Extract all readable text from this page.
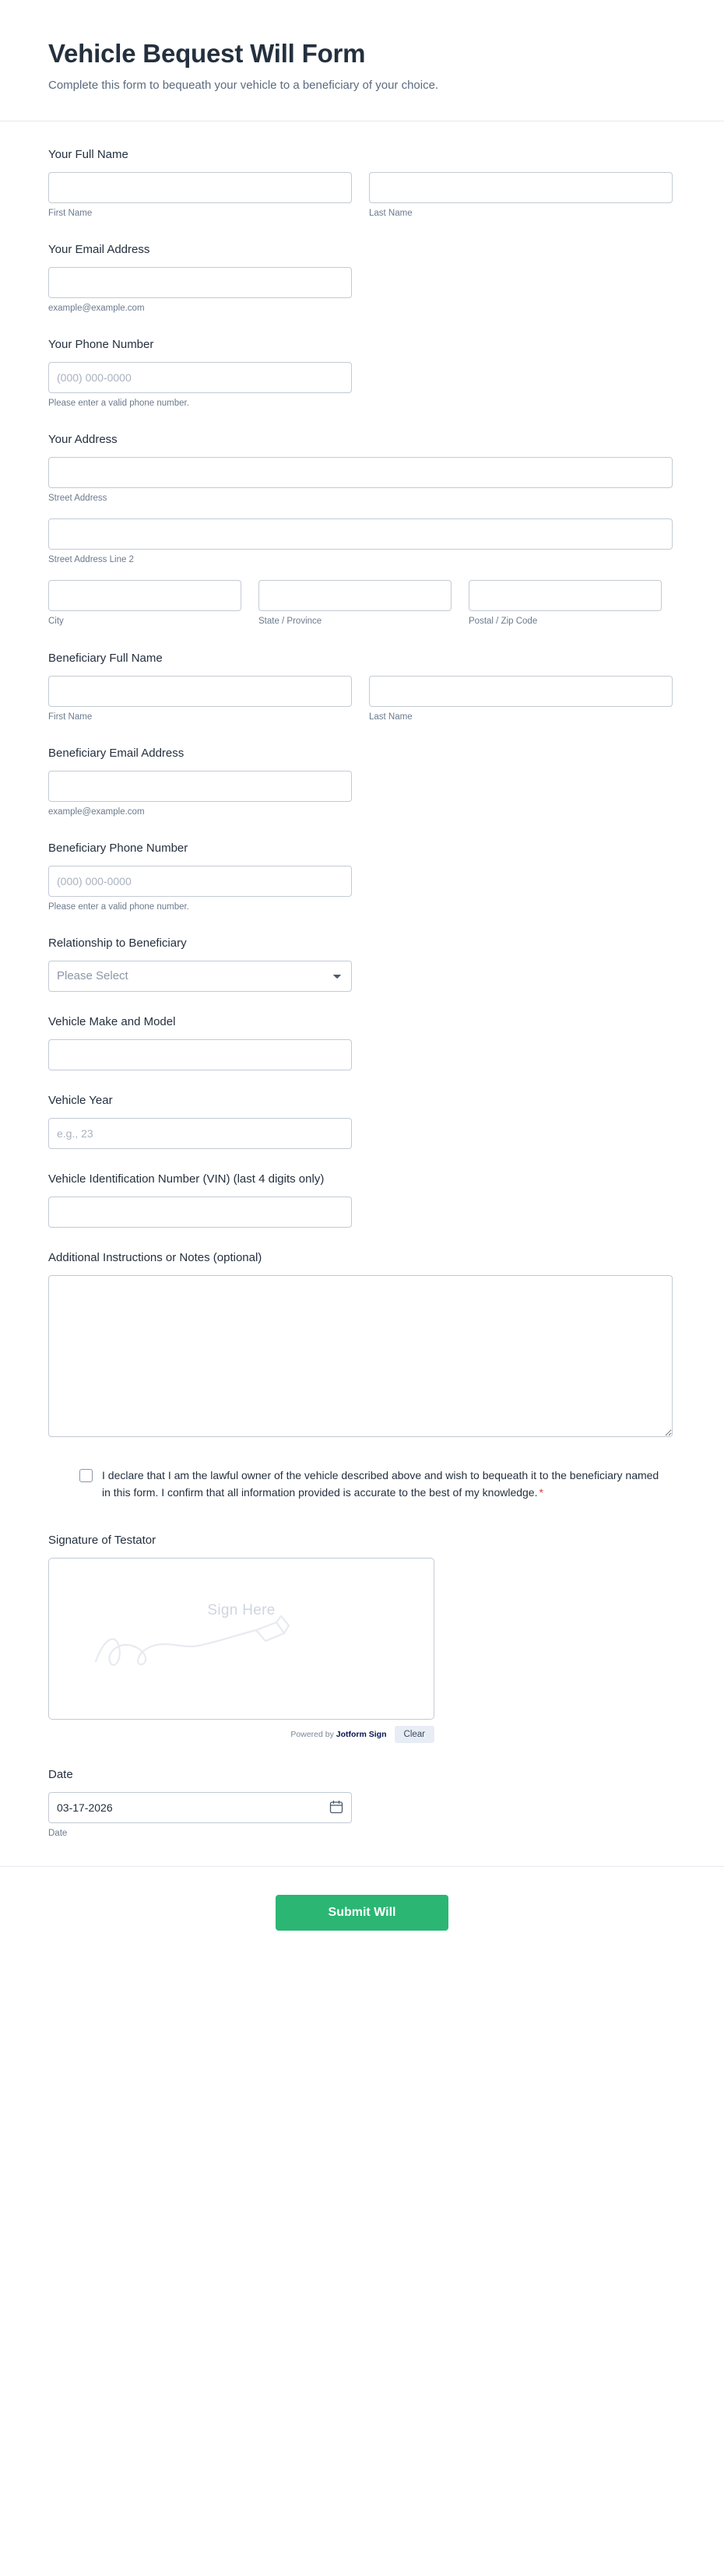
Vehicle Bequest Will Form

Complete this form to bequeath your vehicle to a beneficiary of your choice.

Your Full Name
First Name	Last Name
Your Email Address
example@example.com
Your Phone Number
(000) 000-0000
Please enter a valid phone number.
Your Address
Street Address
Street Address Line 2
City	State / Province	Postal / Zip Code
Beneficiary Full Name
First Name	Last Name
Beneficiary Email Address
example@example.com
Beneficiary Phone Number
(000) 000-0000
Please enter a valid phone number.
Relationship to Beneficiary
Please Select
Vehicle Make and Model
Vehicle Year
e.g., 23
Vehicle Identification Number (VIN) (last 4 digits only)
Additional Instructions or Notes (optional)
I declare that I am the lawful owner of the vehicle described above and wish to bequeath it to the beneficiary named in this form. I confirm that all information provided is accurate to the best of my knowledge. *
Signature of Testator
Sign Here
Powered by Jotform Sign	Clear
Date
03-17-2026
Date
Submit Will
